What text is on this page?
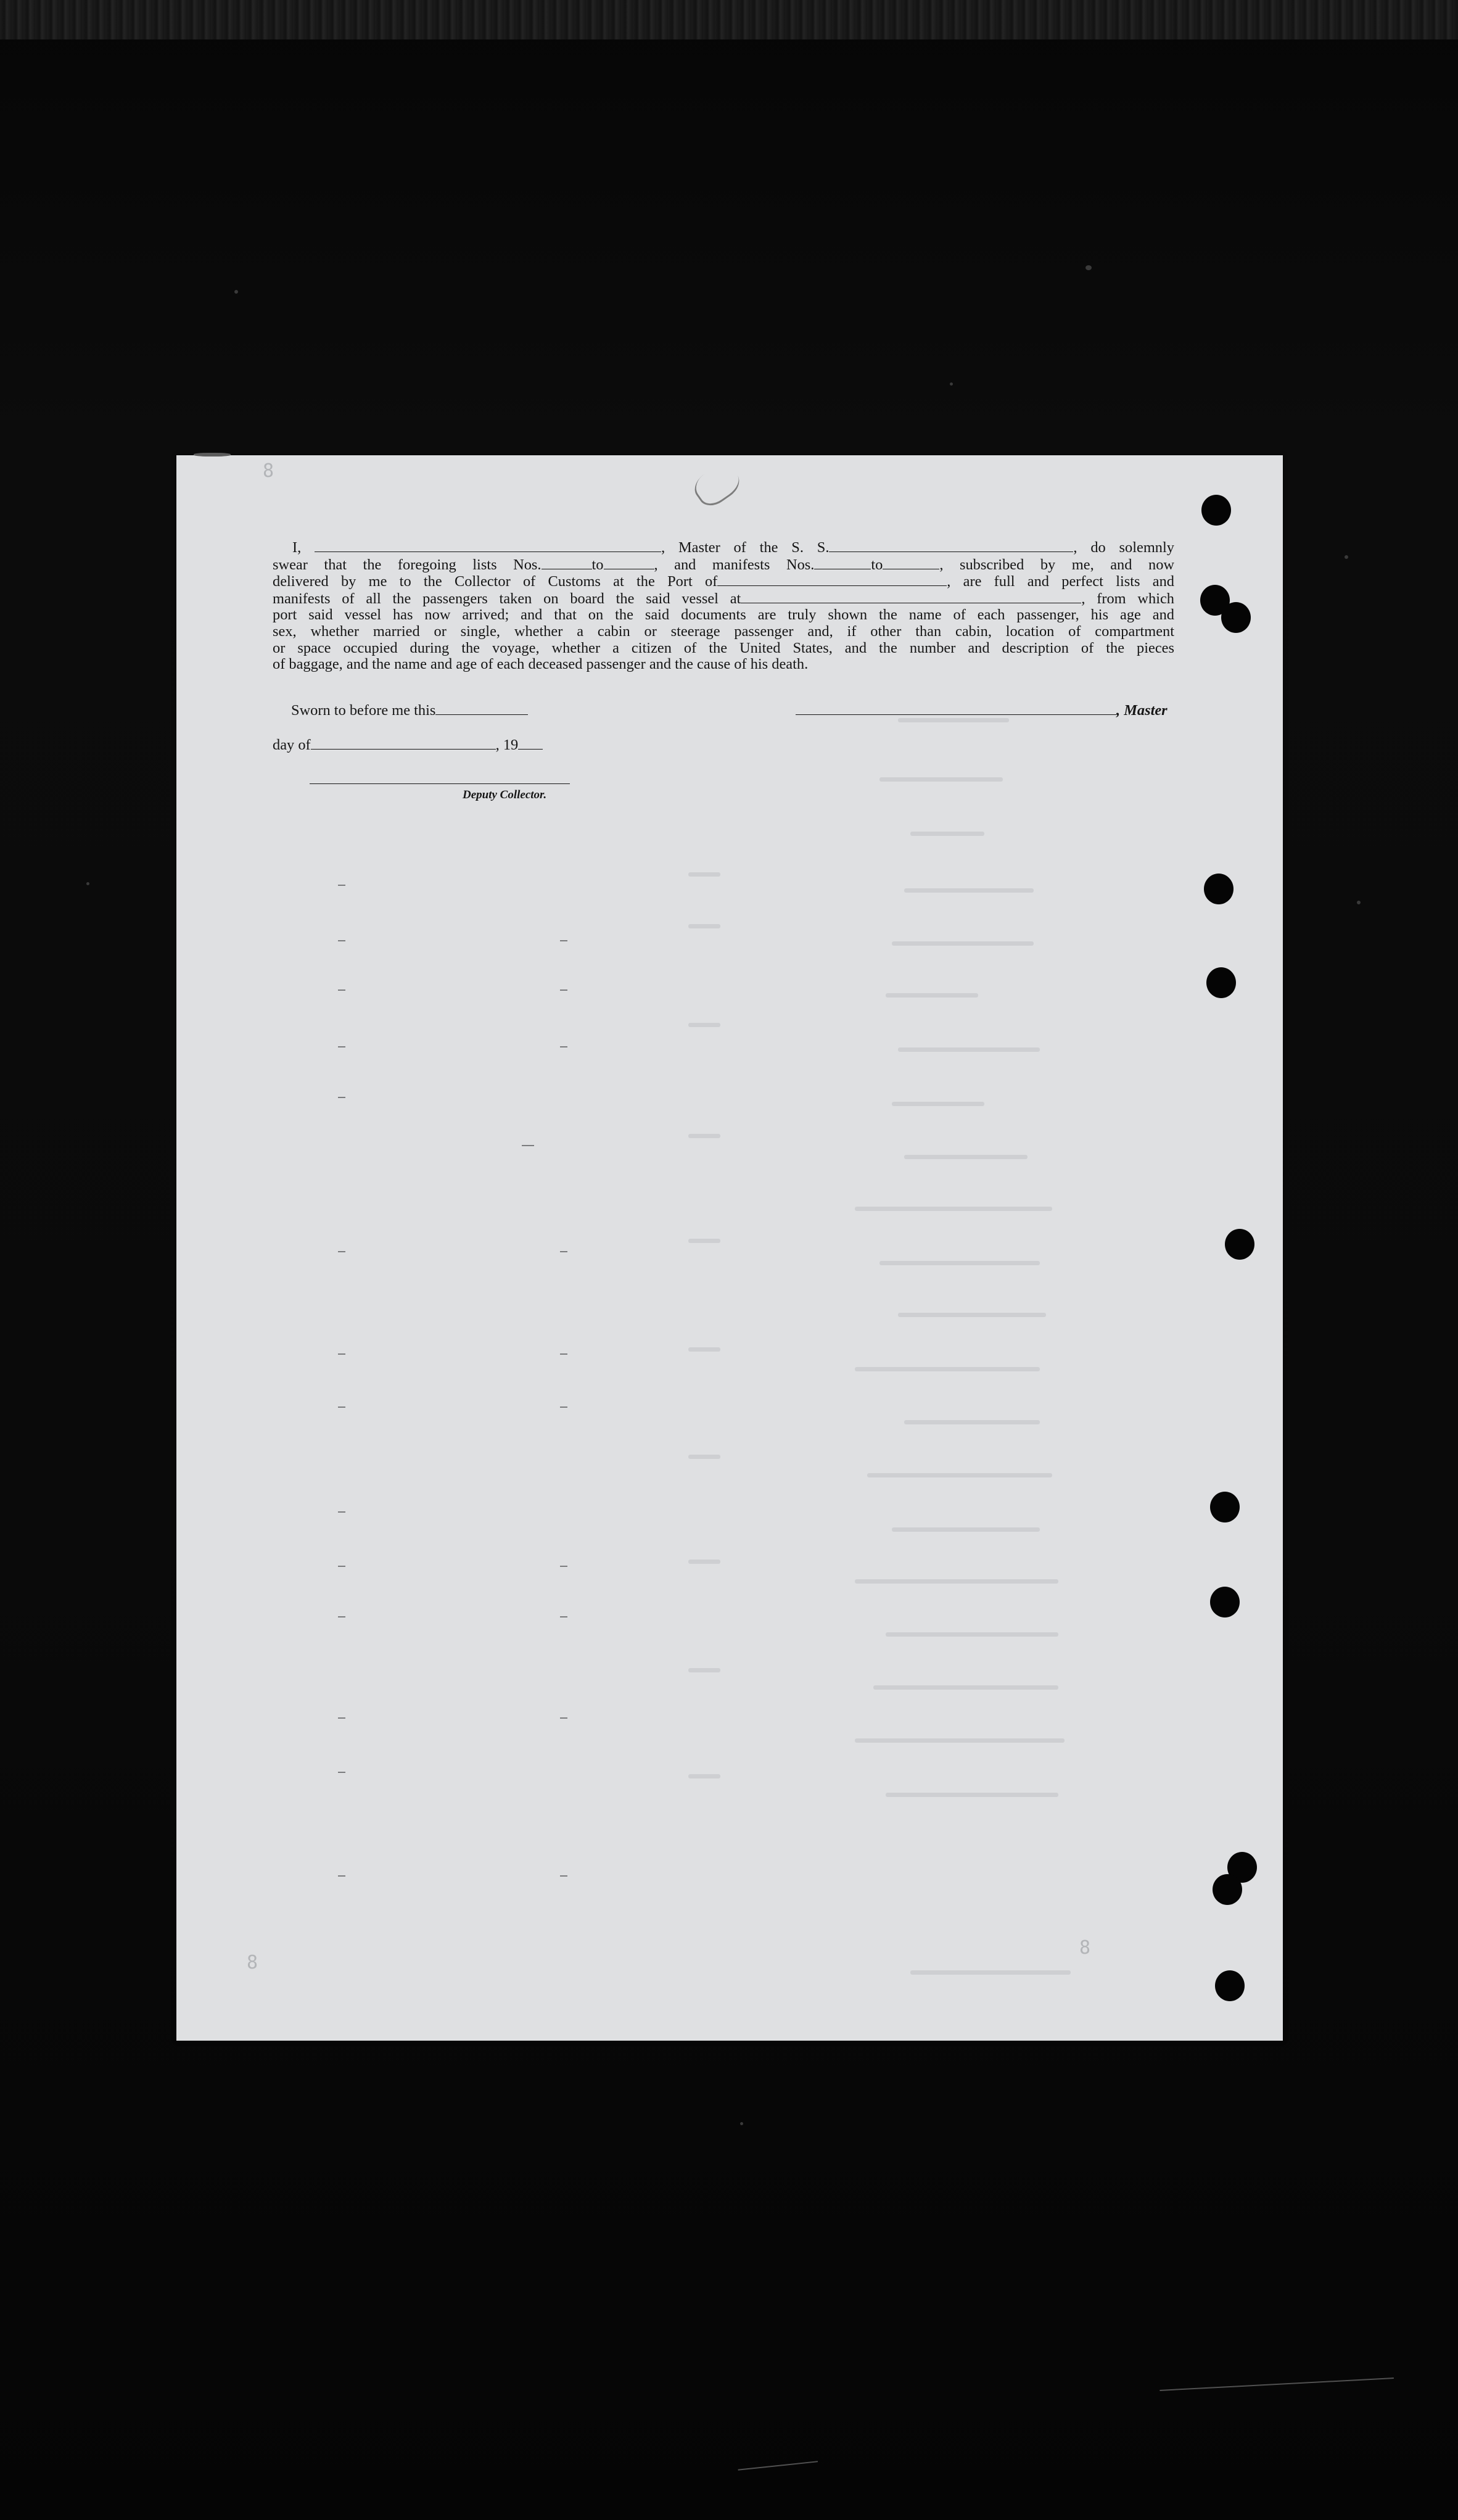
8
I,	, Master of the S. S.	, do solemnly
swear that the foregoing lists Nos.	to	, and manifests Nos.	to	, subscribed by me, and now
delivered by me to the Collector of Customs at the Port of	, are full and perfect lists and
manifests of all the passengers taken on board the said vessel at	, from which
port said vessel has now arrived; and that on the said documents are truly shown the name of each passenger, his age and
sex, whether married or single, whether a cabin or steerage passenger and, if other than cabin, location of compartment
or space occupied during the voyage, whether a citizen of the United States, and the number and description of the pieces
of baggage, and the name and age of each deceased passenger and the cause of his death.
Sworn to before me this
day of	, 19
Deputy Collector.
, Master
8
8
